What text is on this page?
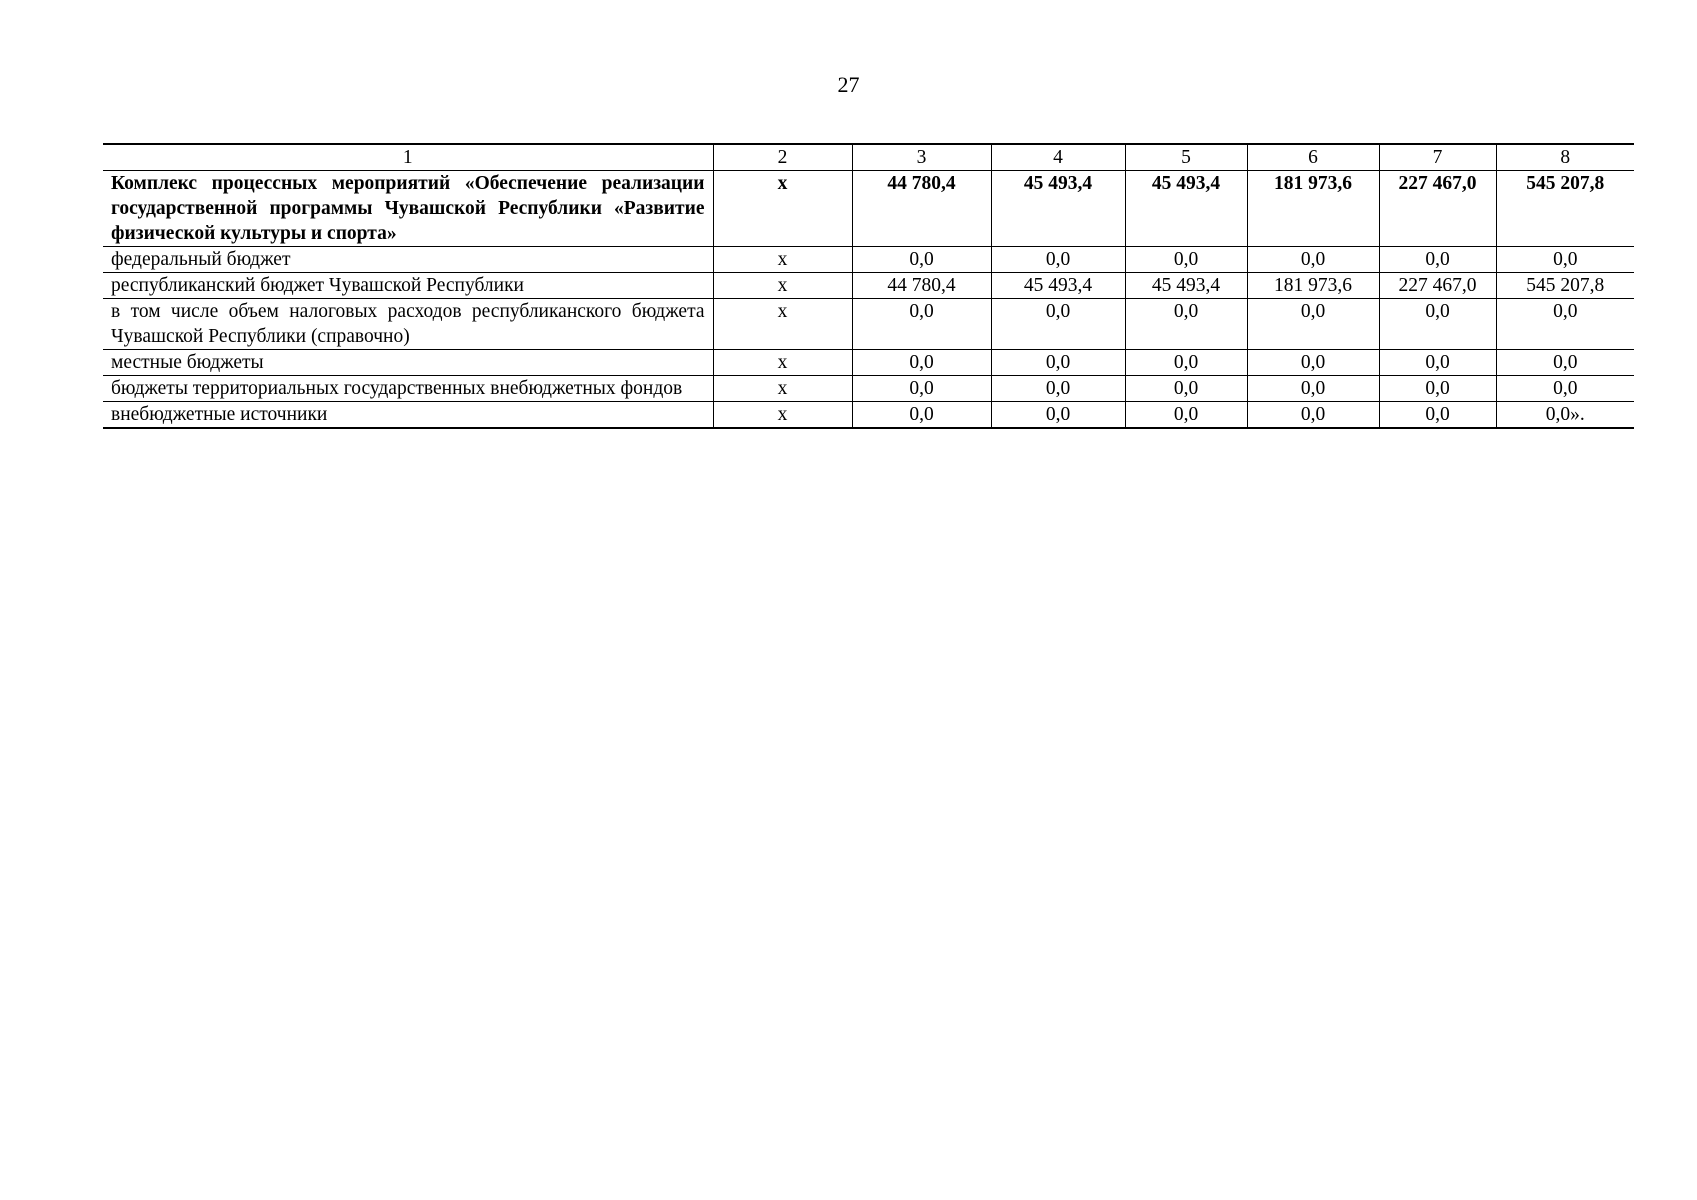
27
1	2	3	4	5	6	7	8
Комплекс процессных мероприятий «Обеспечение реализации государственной программы Чувашской Республики «Развитие физической культуры и спорта»	x	44 780,4	45 493,4	45 493,4	181 973,6	227 467,0	545 207,8
федеральный бюджет	x	0,0	0,0	0,0	0,0	0,0	0,0
республиканский бюджет Чувашской Республики	x	44 780,4	45 493,4	45 493,4	181 973,6	227 467,0	545 207,8
в том числе объем налоговых расходов республиканского бюджета Чувашской Республики (справочно)	x	0,0	0,0	0,0	0,0	0,0	0,0
местные бюджеты	x	0,0	0,0	0,0	0,0	0,0	0,0
бюджеты территориальных государственных внебюджетных фондов	x	0,0	0,0	0,0	0,0	0,0	0,0
внебюджетные источники	x	0,0	0,0	0,0	0,0	0,0	0,0».
